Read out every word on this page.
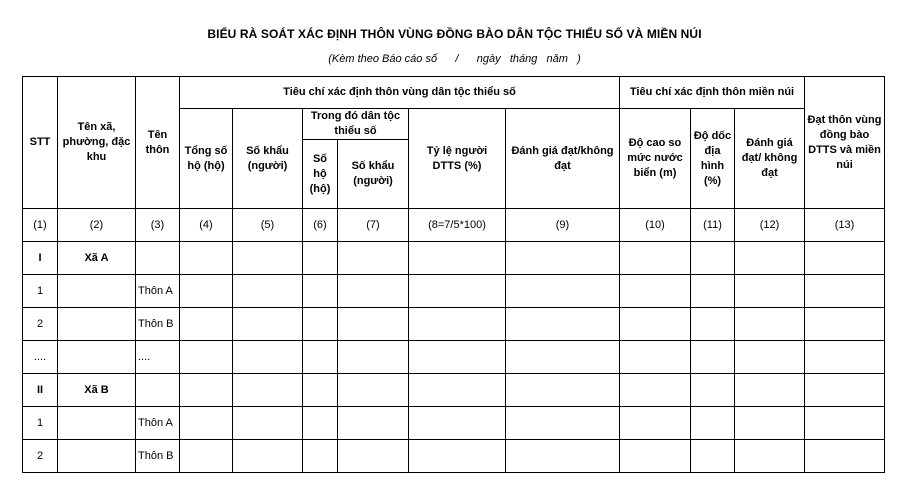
BIỂU RÀ SOÁT XÁC ĐỊNH THÔN VÙNG ĐỒNG BÀO DÂN TỘC THIỂU SỐ VÀ MIỀN NÚI
(Kèm theo Báo cáo số      /      ngày   tháng   năm   )
STT	Tên xã, phường, đặc khu	Tên thôn	Tiêu chí xác định thôn vùng dân tộc thiểu số						Tiêu chí xác định thôn miền núi			Đạt thôn vùng đồng bào DTTS và miền núi
			Tổng số hộ (hộ)	Số khẩu (người)	Trong đó dân tộc thiểu số		Tỷ lệ người DTTS (%)	Đánh giá đạt/không đạt	Độ cao so mức nước biển (m)	Độ dốc địa hình (%)	Đánh giá đạt/ không đạt	
					Số hộ (hộ)	Số khẩu (người)						
(1)	(2)	(3)	(4)	(5)	(6)	(7)	(8=7/5*100)	(9)	(10)	(11)	(12)	(13)
I	Xã A											
1		Thôn A										
2		Thôn B										
....		....										
II	Xã B											
1		Thôn A										
2		Thôn B										
